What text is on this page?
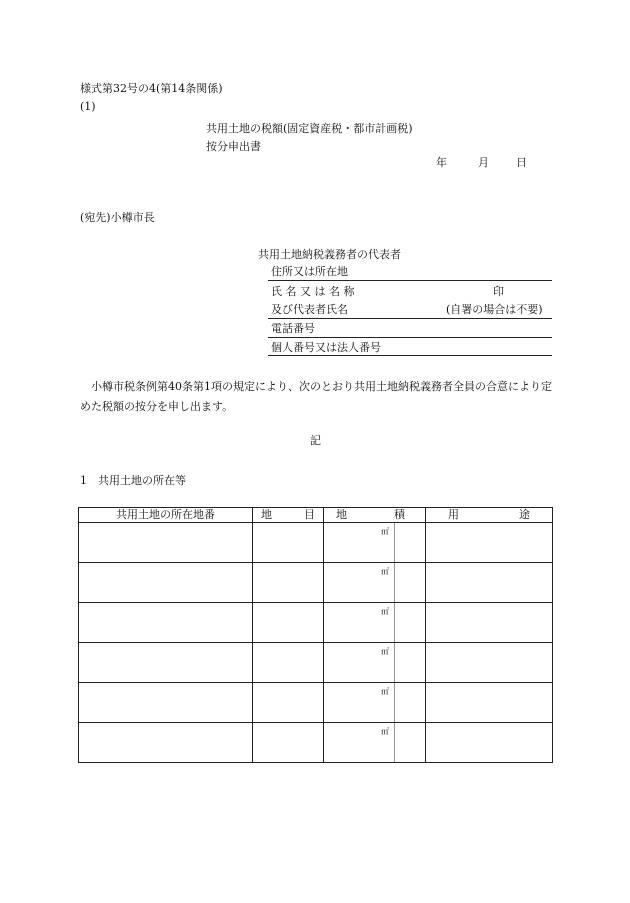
様式第32号の4(第14条関係)
(1)
共用土地の税額(固定資産税・都市計画税)
按分申出書
年	月 日
(宛先)小樽市長
共用土地納税義務者の代表者
住所又は所在地
氏 名 又 は 名 称	印
及び代表者氏名	(自署の場合は不要)
電話番号
個人番号又は法人番号
小樽市税条例第40条第1項の規定により、次のとおり共用土地納税義務者全員の合意により定めた税額の按分を申し出ます。
記
1　共用土地の所在等
共用土地の所在地番	地 目	地 積		用 途

		㎡		

		㎡		

		㎡		

		㎡		

		㎡		

		㎡		
